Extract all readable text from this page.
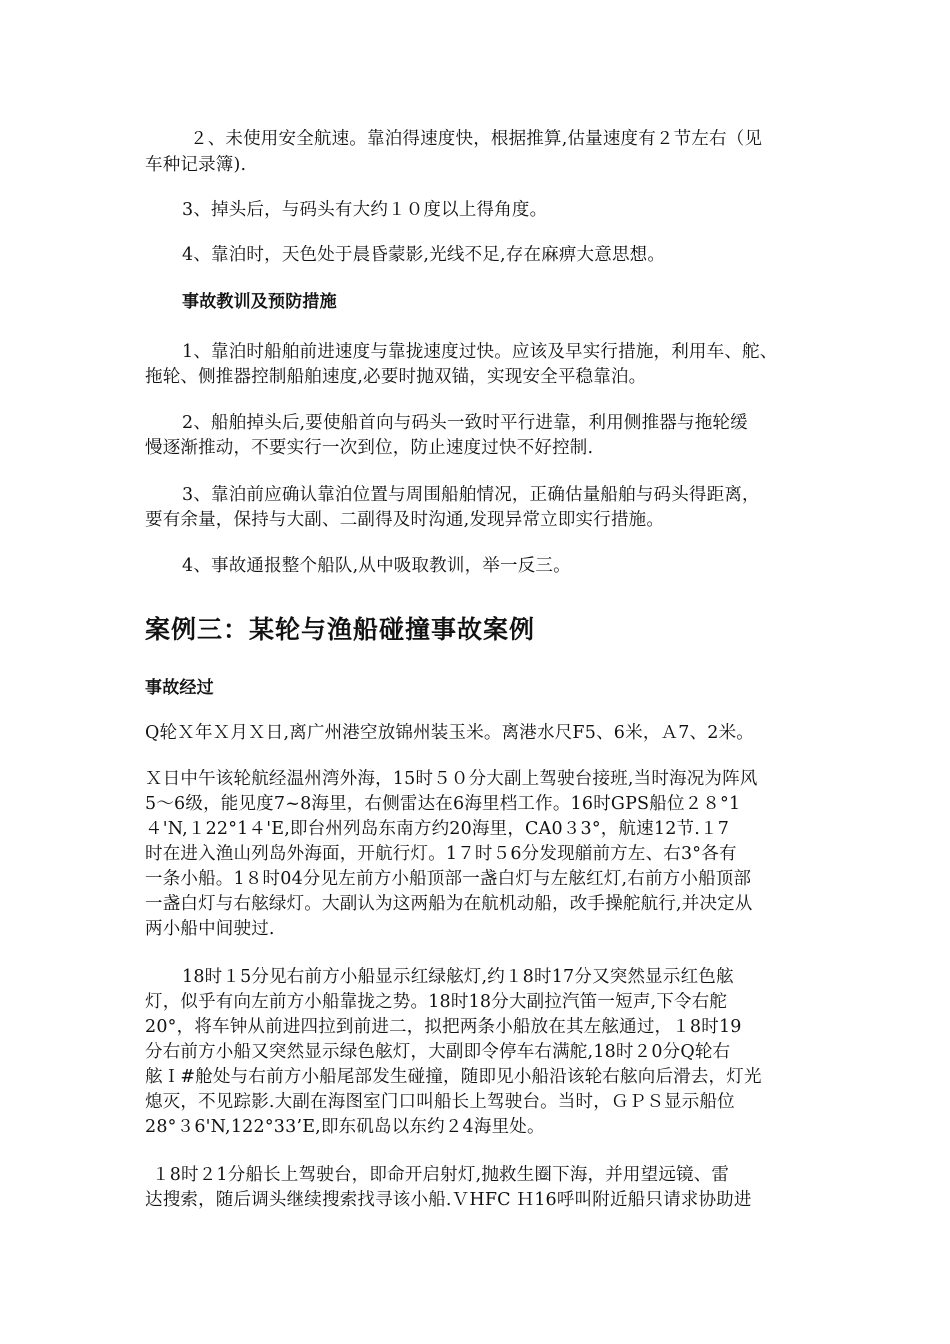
２、未使用安全航速。靠泊得速度快，根据推算,估量速度有２节左右（见
车种记录簿).
3、掉头后，与码头有大约１０度以上得角度。
4、靠泊时，天色处于晨昏蒙影,光线不足,存在麻痹大意思想。
事故教训及预防措施
1、靠泊时船舶前进速度与靠拢速度过快。应该及早实行措施，利用车、舵、
拖轮、侧推器控制船舶速度,必要时抛双锚，实现安全平稳靠泊。
2、船舶掉头后,要使船首向与码头一致时平行进靠，利用侧推器与拖轮缓
慢逐渐推动，不要实行一次到位，防止速度过快不好控制.
3、靠泊前应确认靠泊位置与周围船舶情况，正确估量船舶与码头得距离，
要有余量，保持与大副、二副得及时沟通,发现异常立即实行措施。
4、事故通报整个船队,从中吸取教训，举一反三。
案例三：某轮与渔船碰撞事故案例
事故经过
Q轮Ｘ年Ｘ月Ｘ日,离广州港空放锦州装玉米。离港水尺F5、6米，Ａ7、2米。
Ｘ日中午该轮航经温州湾外海，15时５０分大副上驾驶台接班,当时海况为阵风
5～6级，能见度7~8海里，右侧雷达在6海里档工作。16时GPS船位２８°1
４'N,１22°1４'E,即台州列岛东南方约20海里，CA0３3°，航速12节.１7
时在进入渔山列岛外海面，开航行灯。1７时５6分发现艏前方左、右3°各有
一条小船。1８时04分见左前方小船顶部一盏白灯与左舷红灯,右前方小船顶部
一盏白灯与右舷绿灯。大副认为这两船为在航机动船，改手操舵航行,并决定从
两小船中间驶过.
18时１5分见右前方小船显示红绿舷灯,约１8时17分又突然显示红色舷
灯，似乎有向左前方小船靠拢之势。18时18分大副拉汽笛一短声,下令右舵
20°，将车钟从前进四拉到前进二，拟把两条小船放在其左舷通过，１8时19
分右前方小船又突然显示绿色舷灯，大副即令停车右满舵,18时２0分Q轮右
舷Ｉ#舱处与右前方小船尾部发生碰撞，随即见小船沿该轮右舷向后滑去，灯光
熄灭，不见踪影.大副在海图室门口叫船长上驾驶台。当时，ＧＰＳ显示船位
28°３6'N,122°33’E,即东矶岛以东约２4海里处。
１8时２1分船长上驾驶台，即命开启射灯,抛救生圈下海，并用望远镜、雷
达搜索，随后调头继续搜索找寻该小船.ＶHFC Ｈ16呼叫附近船只请求协助进
